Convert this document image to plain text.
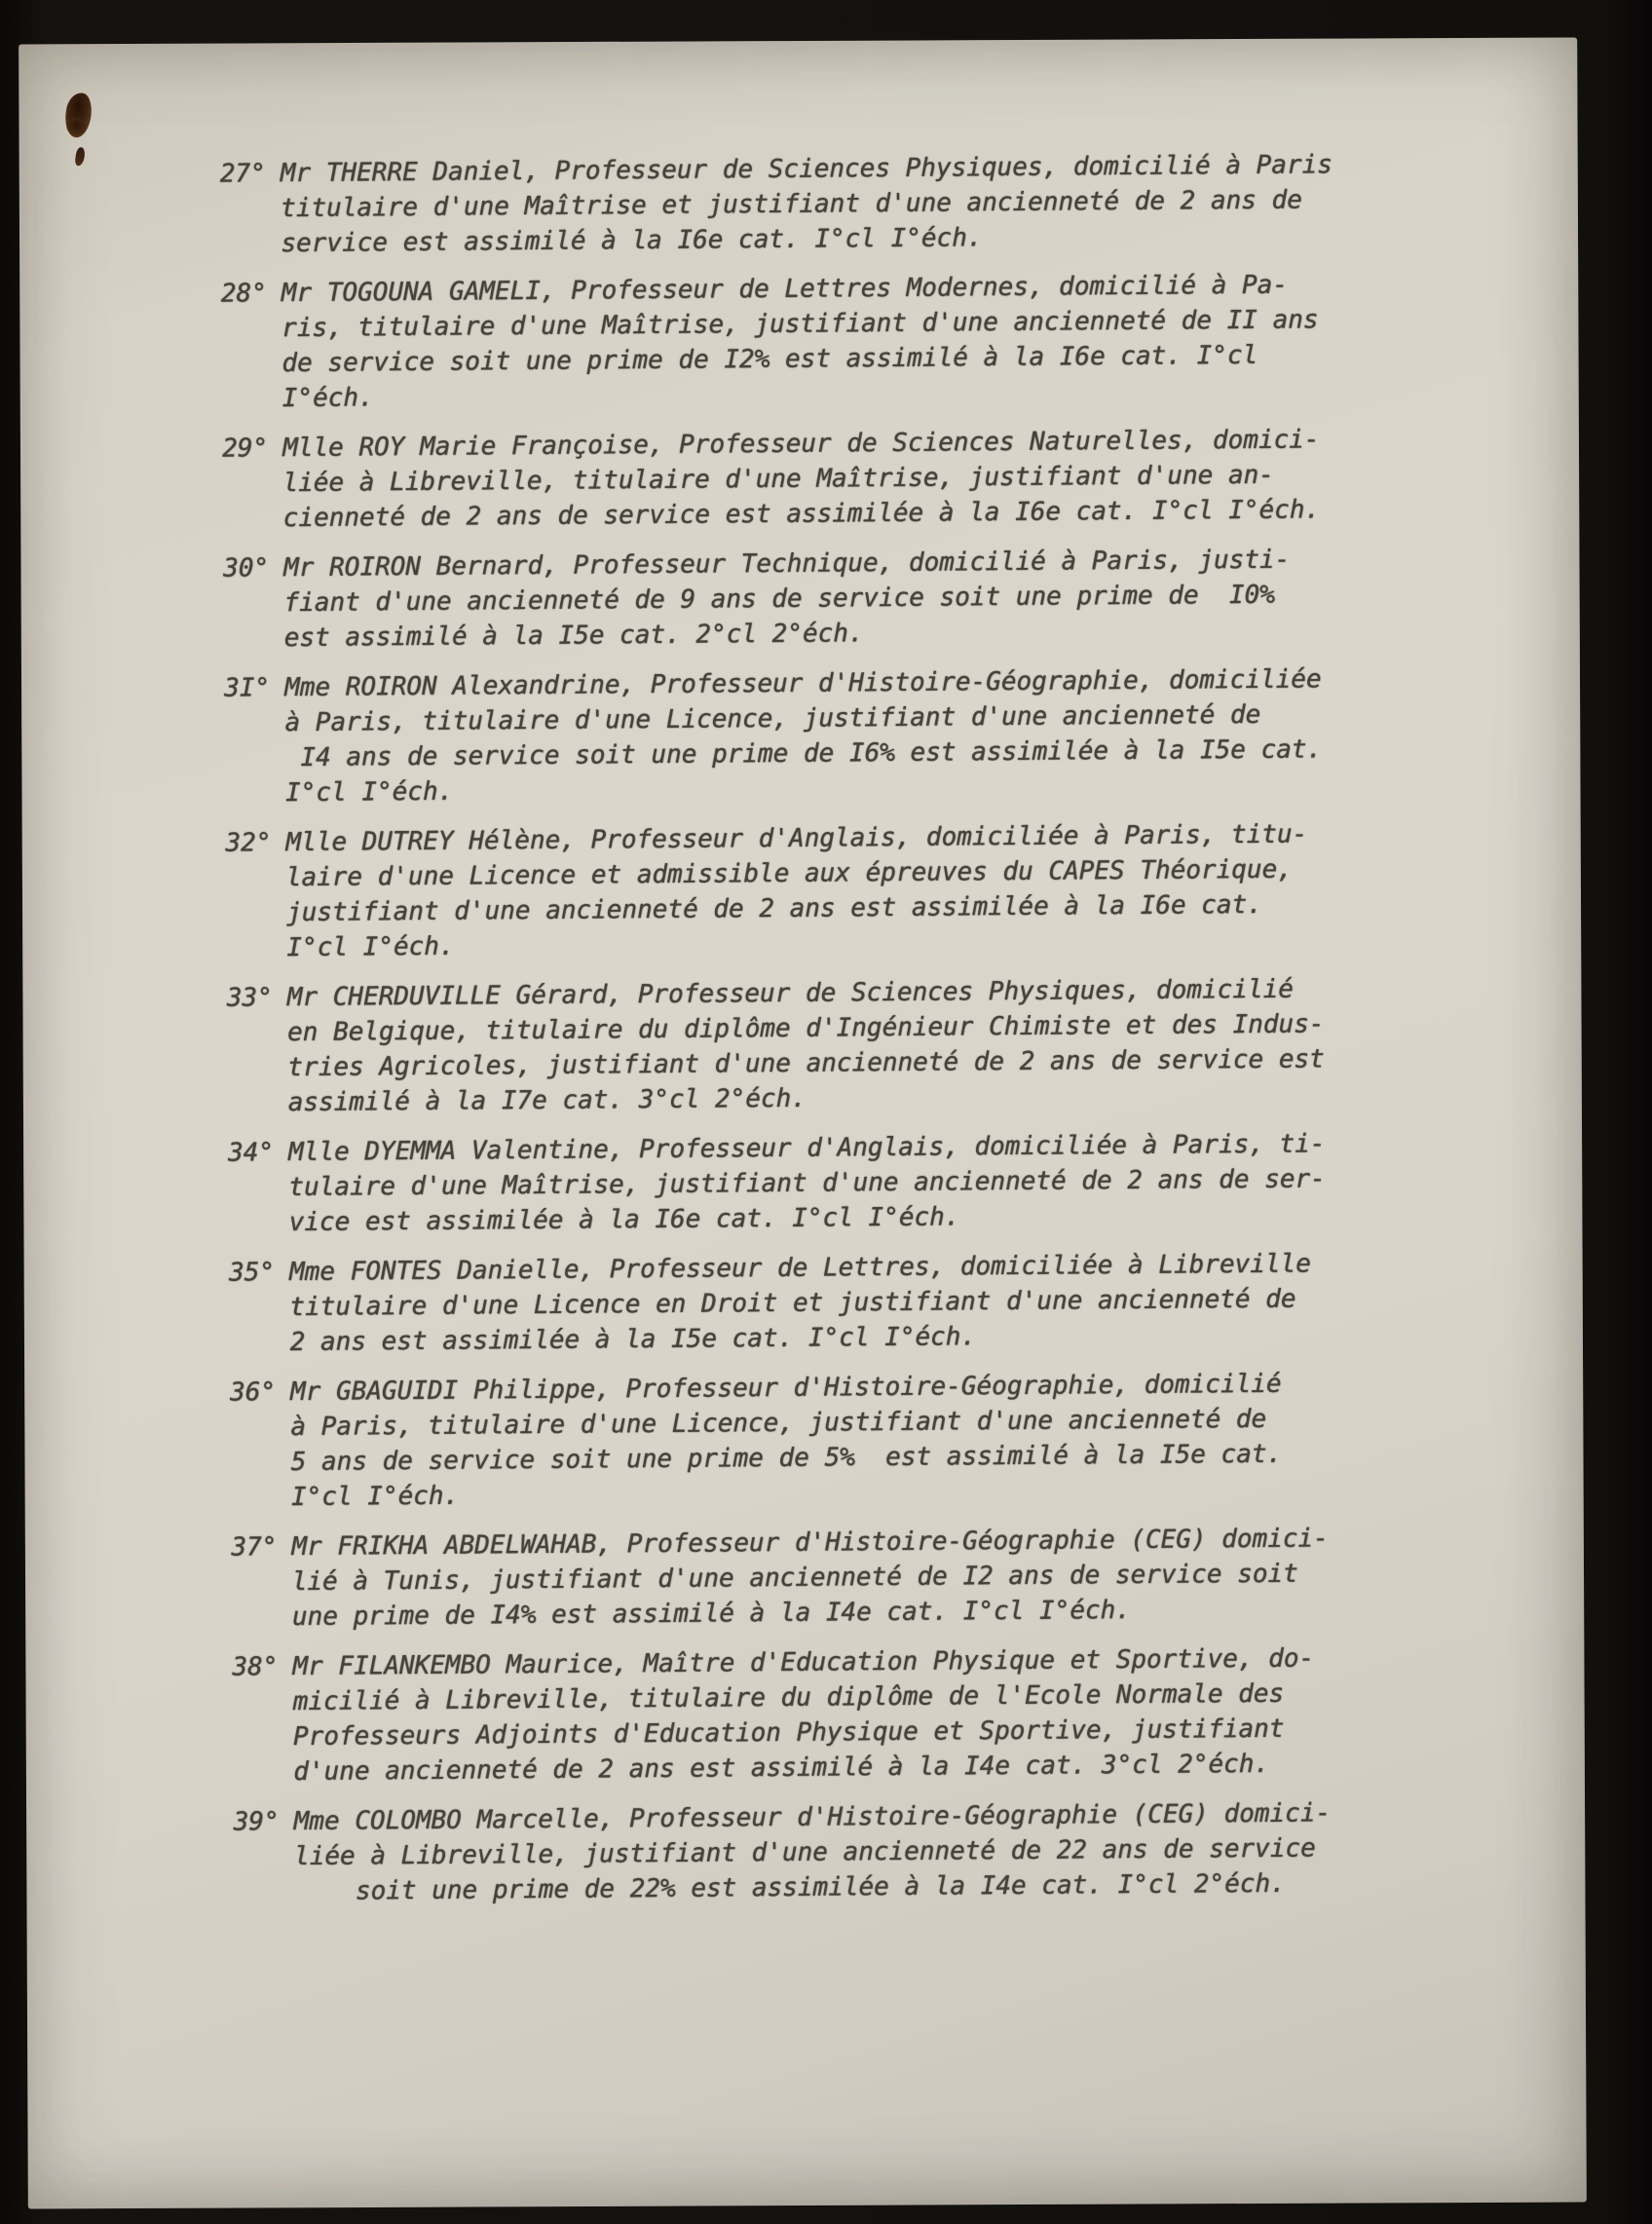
27° Mr THERRE Daniel, Professeur de Sciences Physiques, domicilié à Paris
titulaire d'une Maîtrise et justifiant d'une ancienneté de 2 ans de
service est assimilé à la I6e cat. I°cl I°éch.
28° Mr TOGOUNA GAMELI, Professeur de Lettres Modernes, domicilié à Pa-
ris, titulaire d'une Maîtrise, justifiant d'une ancienneté de II ans
de service soit une prime de I2% est assimilé à la I6e cat. I°cl
I°éch.
29° Mlle ROY Marie Françoise, Professeur de Sciences Naturelles, domici-
liée à Libreville, titulaire d'une Maîtrise, justifiant d'une an-
cienneté de 2 ans de service est assimilée à la I6e cat. I°cl I°éch.
30° Mr ROIRON Bernard, Professeur Technique, domicilié à Paris, justi-
fiant d'une ancienneté de 9 ans de service soit une prime de  I0%
est assimilé à la I5e cat. 2°cl 2°éch.
3I° Mme ROIRON Alexandrine, Professeur d'Histoire-Géographie, domiciliée
à Paris, titulaire d'une Licence, justifiant d'une ancienneté de
I4 ans de service soit une prime de I6% est assimilée à la I5e cat.
I°cl I°éch.
32° Mlle DUTREY Hélène, Professeur d'Anglais, domiciliée à Paris, titu-
laire d'une Licence et admissible aux épreuves du CAPES Théorique,
justifiant d'une ancienneté de 2 ans est assimilée à la I6e cat.
I°cl I°éch.
33° Mr CHERDUVILLE Gérard, Professeur de Sciences Physiques, domicilié
en Belgique, titulaire du diplôme d'Ingénieur Chimiste et des Indus-
tries Agricoles, justifiant d'une ancienneté de 2 ans de service est
assimilé à la I7e cat. 3°cl 2°éch.
34° Mlle DYEMMA Valentine, Professeur d'Anglais, domiciliée à Paris, ti-
tulaire d'une Maîtrise, justifiant d'une ancienneté de 2 ans de ser-
vice est assimilée à la I6e cat. I°cl I°éch.
35° Mme FONTES Danielle, Professeur de Lettres, domiciliée à Libreville
titulaire d'une Licence en Droit et justifiant d'une ancienneté de
2 ans est assimilée à la I5e cat. I°cl I°éch.
36° Mr GBAGUIDI Philippe, Professeur d'Histoire-Géographie, domicilié
à Paris, titulaire d'une Licence, justifiant d'une ancienneté de
5 ans de service soit une prime de 5%  est assimilé à la I5e cat.
I°cl I°éch.
37° Mr FRIKHA ABDELWAHAB, Professeur d'Histoire-Géographie (CEG) domici-
lié à Tunis, justifiant d'une ancienneté de I2 ans de service soit
une prime de I4% est assimilé à la I4e cat. I°cl I°éch.
38° Mr FILANKEMBO Maurice, Maître d'Education Physique et Sportive, do-
micilié à Libreville, titulaire du diplôme de l'Ecole Normale des
Professeurs Adjoints d'Education Physique et Sportive, justifiant
d'une ancienneté de 2 ans est assimilé à la I4e cat. 3°cl 2°éch.
39° Mme COLOMBO Marcelle, Professeur d'Histoire-Géographie (CEG) domici-
liée à Libreville, justifiant d'une ancienneté de 22 ans de service
soit une prime de 22% est assimilée à la I4e cat. I°cl 2°éch.
